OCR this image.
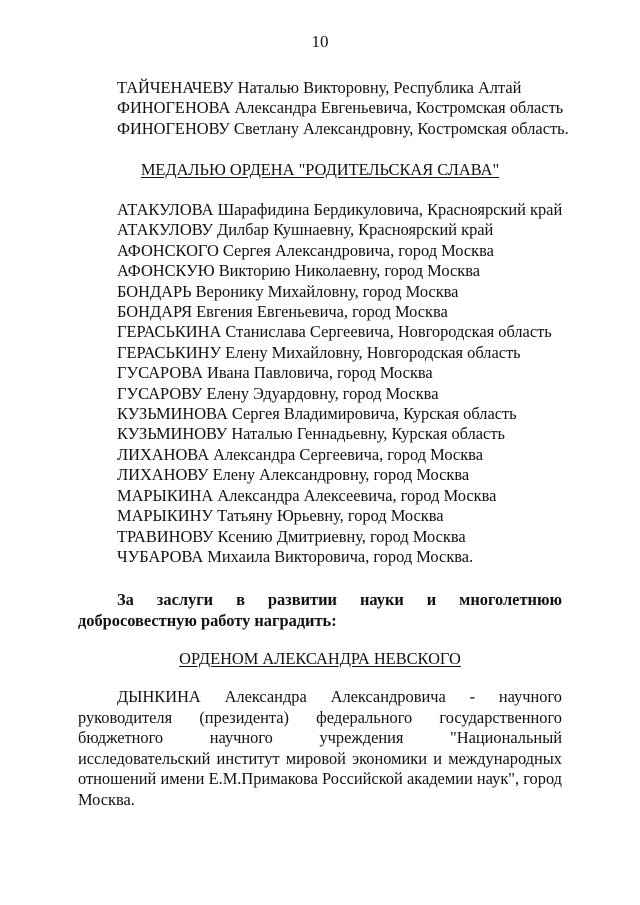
10
ТАЙЧЕНАЧЕВУ Наталью Викторовну, Республика Алтай
ФИНОГЕНОВА Александра Евгеньевича, Костромская область
ФИНОГЕНОВУ Светлану Александровну, Костромская область.
МЕДАЛЬЮ ОРДЕНА "РОДИТЕЛЬСКАЯ СЛАВА"
АТАКУЛОВА Шарафидина Бердикуловича, Красноярский край
АТАКУЛОВУ Дилбар Кушнаевну, Красноярский край
АФОНСКОГО Сергея Александровича, город Москва
АФОНСКУЮ Викторию Николаевну, город Москва
БОНДАРЬ Веронику Михайловну, город Москва
БОНДАРЯ Евгения Евгеньевича, город Москва
ГЕРАСЬКИНА Станислава Сергеевича, Новгородская область
ГЕРАСЬКИНУ Елену Михайловну, Новгородская область
ГУСАРОВА Ивана Павловича, город Москва
ГУСАРОВУ Елену Эдуардовну, город Москва
КУЗЬМИНОВА Сергея Владимировича, Курская область
КУЗЬМИНОВУ Наталью Геннадьевну, Курская область
ЛИХАНОВА Александра Сергеевича, город Москва
ЛИХАНОВУ Елену Александровну, город Москва
МАРЫКИНА Александра Алексеевича, город Москва
МАРЫКИНУ Татьяну Юрьевну, город Москва
ТРАВИНОВУ Ксению Дмитриевну, город Москва
ЧУБАРОВА Михаила Викторовича, город Москва.

За заслуги в развитии науки и многолетнюю добросовестную работу наградить:

ОРДЕНОМ АЛЕКСАНДРА НЕВСКОГО

ДЫНКИНА Александра Александровича - научного руководителя (президента) федерального государственного бюджетного научного учреждения "Национальный исследовательский институт мировой экономики и международных отношений имени Е.М.Примакова Российской академии наук", город Москва.
